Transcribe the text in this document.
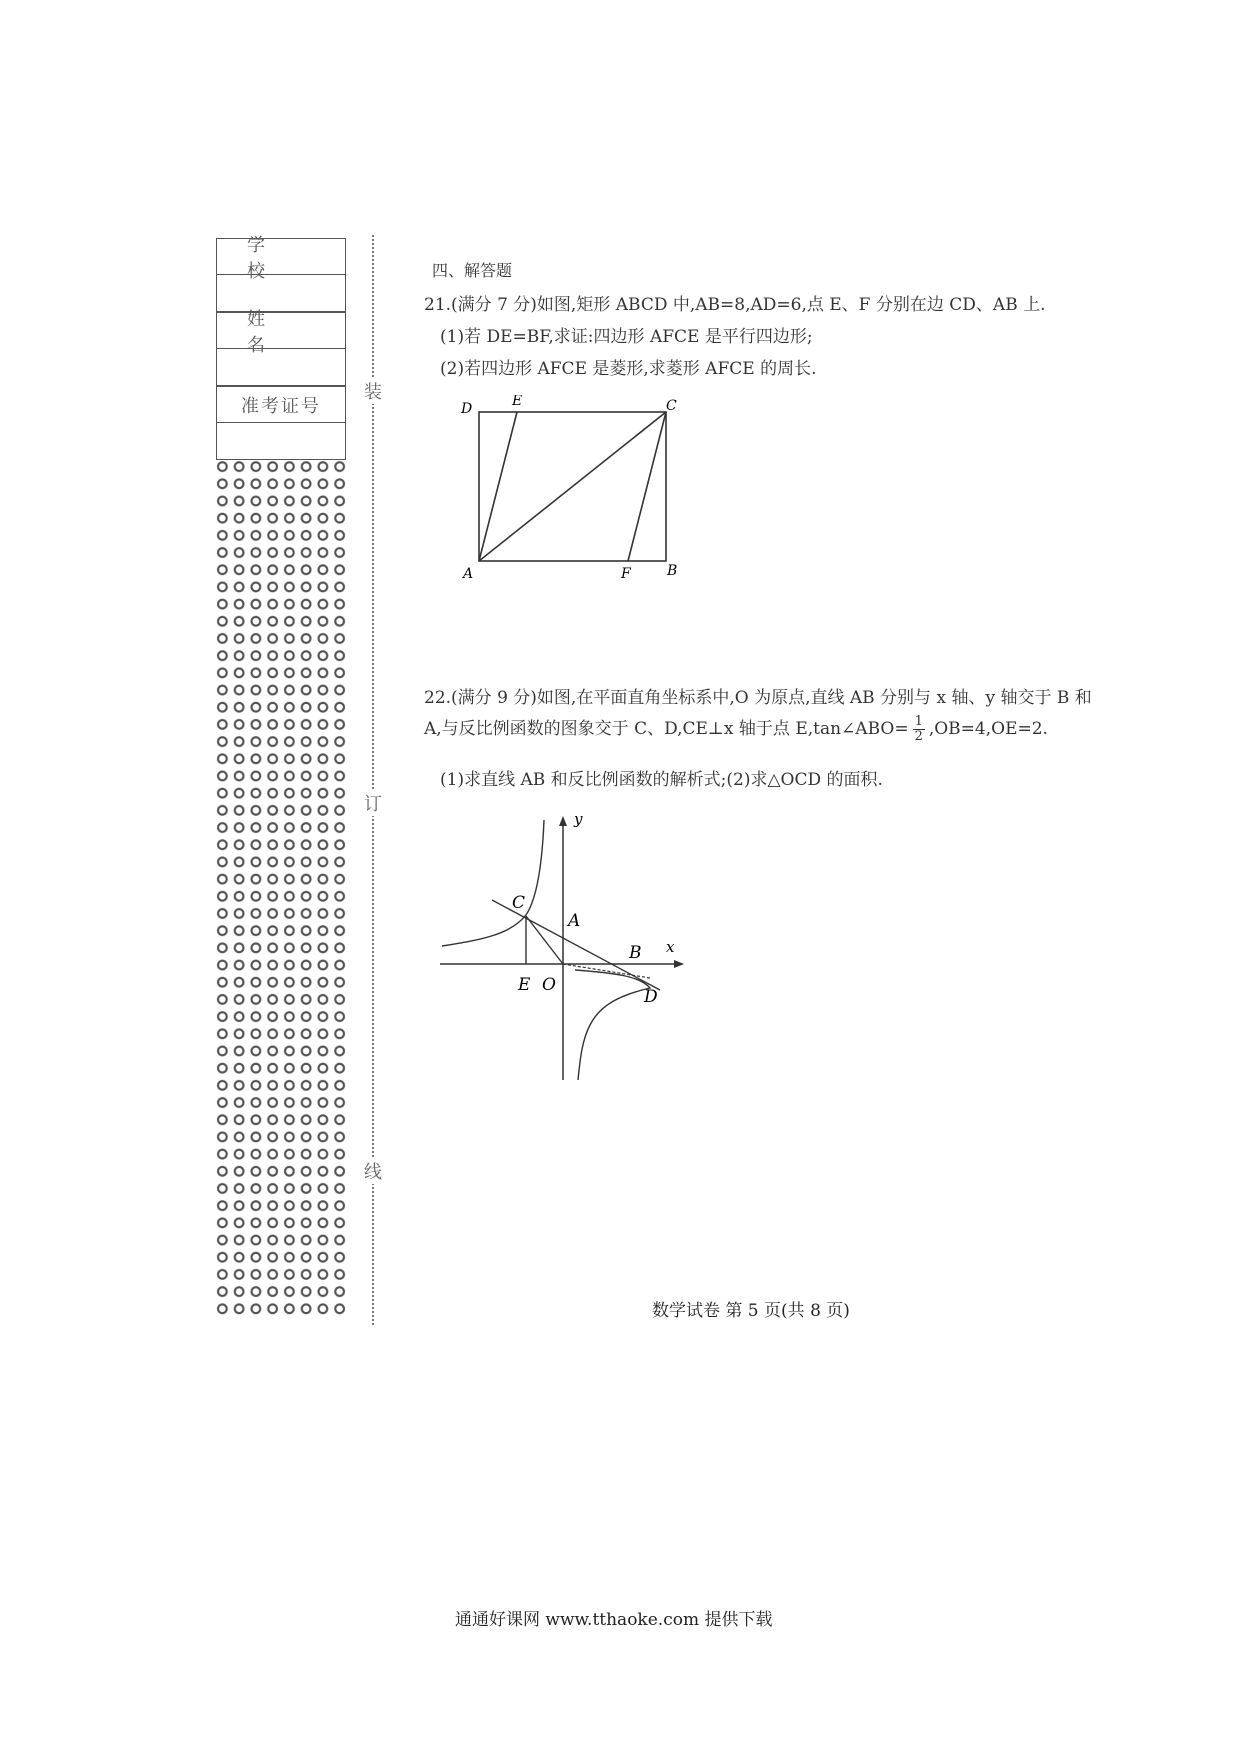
学 校
姓 名
准考证号
装
订
线
四、解答题
21.(满分 7 分)如图,矩形 ABCD 中,AB=8,AD=6,点 E、F 分别在边 CD、AB 上.
(1)若 DE=BF,求证:四边形 AFCE 是平行四边形;
(2)若四边形 AFCE 是菱形,求菱形 AFCE 的周长.
D	E	C
A	F	B
22.(满分 9 分)如图,在平面直角坐标系中,O 为原点,直线 AB 分别与 x 轴、y 轴交于 B 和
A,与反比例函数的图象交于 C、D,CE⊥x 轴于点 E,tan∠ABO= $\frac{1}{2} ,OB=4,OE=2$.
(1)求直线 AB 和反比例函数的解析式;(2)求△OCD 的面积.
y
x
C
A
B
E O
D
数学试卷 第 5 页(共 8 页)
通通好课网 www.tthaoke.com 提供下载
